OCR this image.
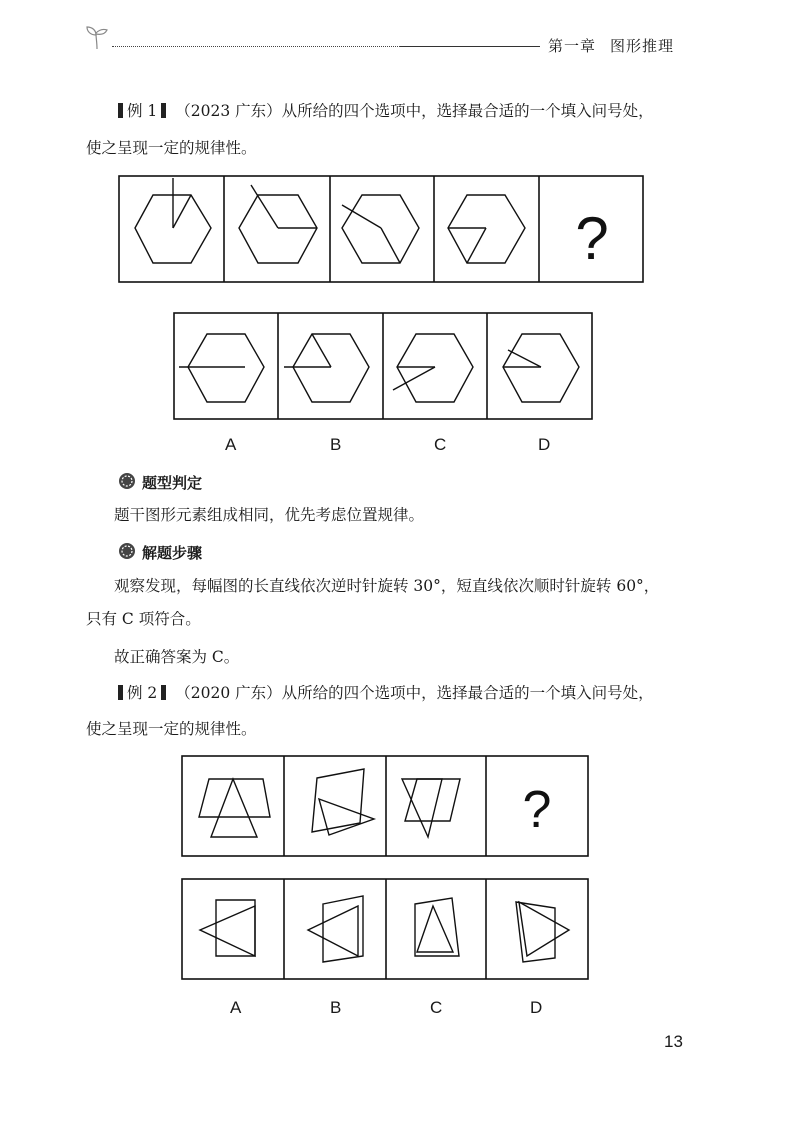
第一章 图形推理
例 1 （2023 广东）从所给的四个选项中，选择最合适的一个填入问号处，
使之呈现一定的规律性。
?
A	B	C	D
题型判定
题干图形元素组成相同，优先考虑位置规律。
解题步骤
观察发现，每幅图的长直线依次逆时针旋转 30°，短直线依次顺时针旋转 60°，
只有 C 项符合。
故正确答案为 C。
例 2 （2020 广东）从所给的四个选项中，选择最合适的一个填入问号处，
使之呈现一定的规律性。
?
A	B	C	D
13
